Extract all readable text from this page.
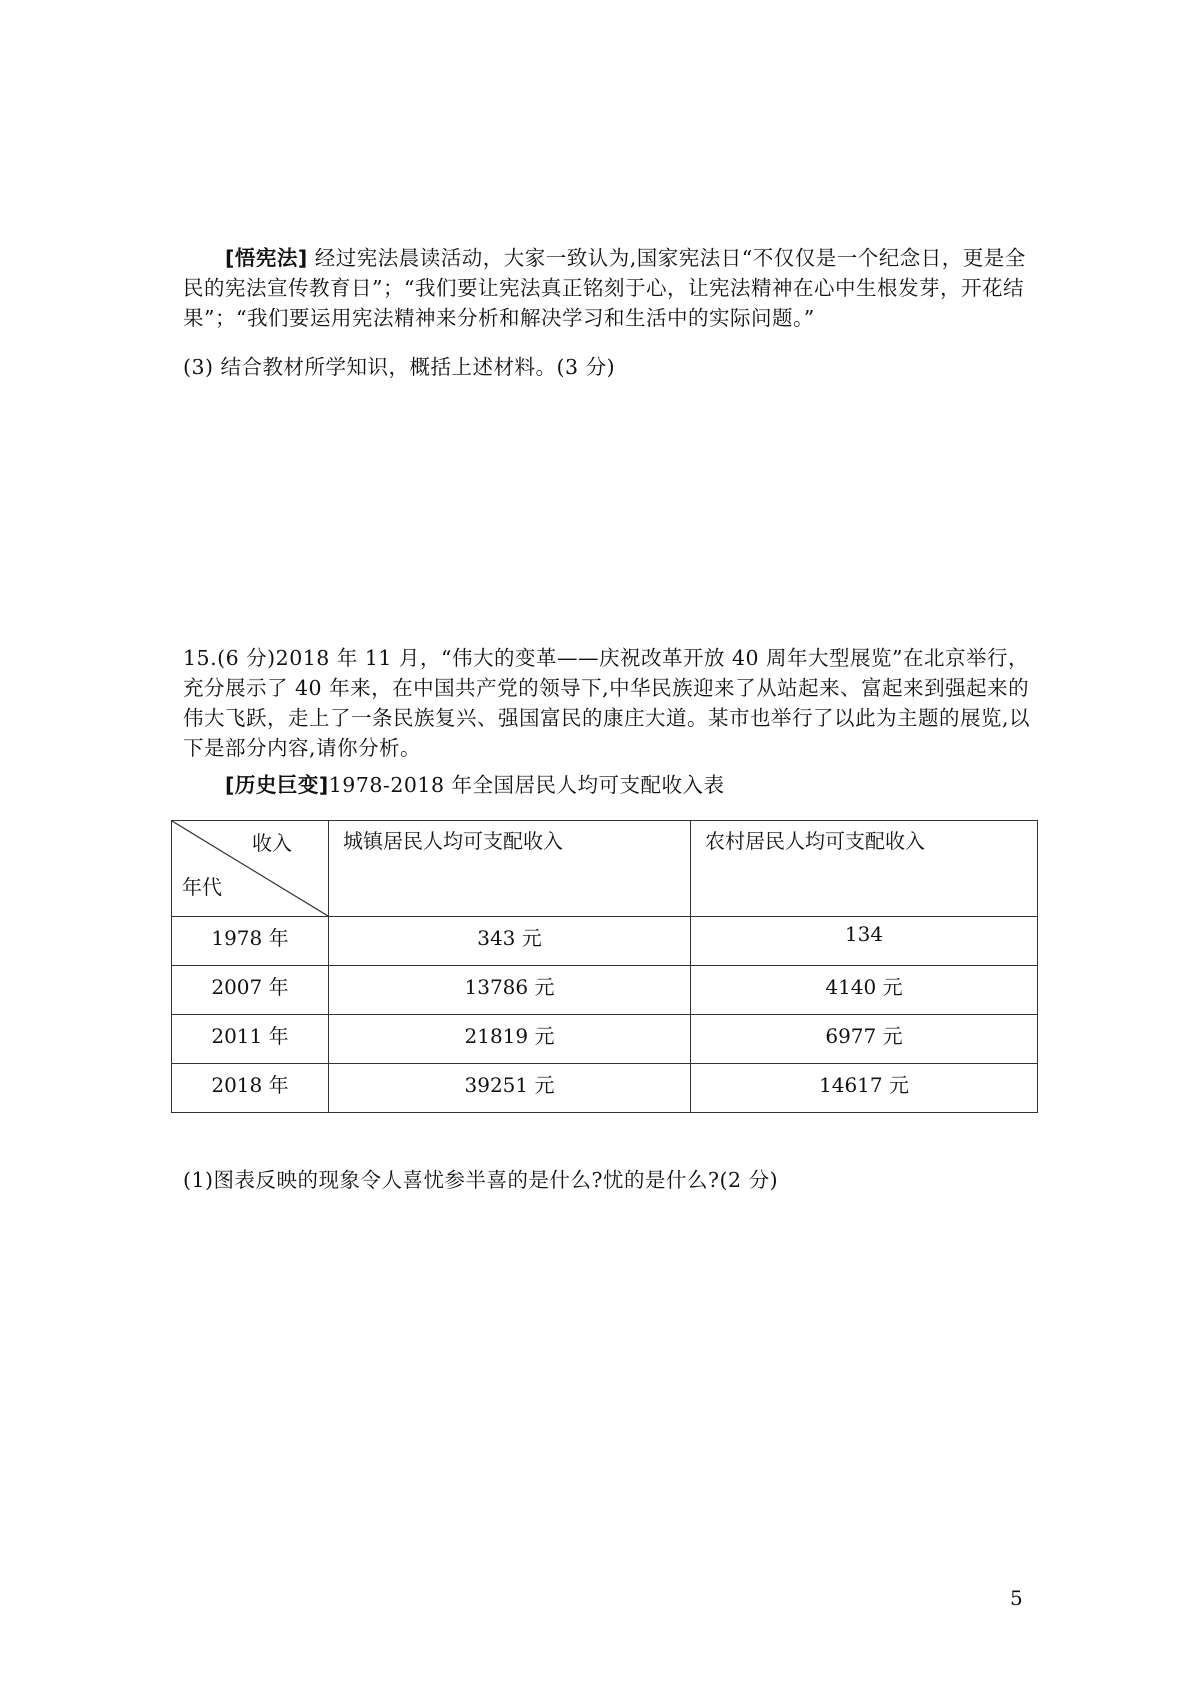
[悟宪法] 经过宪法晨读活动，大家一致认为,国家宪法日“不仅仅是一个纪念日，更是全民的宪法宣传教育日”；“我们要让宪法真正铭刻于心，让宪法精神在心中生根发芽，开花结果”；“我们要运用宪法精神来分析和解决学习和生活中的实际问题。”

(3) 结合教材所学知识，概括上述材料。(3 分)

15.(6 分)2018 年 11 月，“伟大的变革——庆祝改革开放 40 周年大型展览”在北京举行，充分展示了 40 年来，在中国共产党的领导下,中华民族迎来了从站起来、富起来到强起来的伟大飞跃，走上了一条民族复兴、强国富民的康庄大道。某市也举行了以此为主题的展览,以下是部分内容,请你分析。

[历史巨变]1978-2018 年全国居民人均可支配收入表

收入
年代	城镇居民人均可支配收入	农村居民人均可支配收入
1978 年	343 元	134
2007 年	13786 元	4140 元
2011 年	21819 元	6977 元
2018 年	39251 元	14617 元

(1)图表反映的现象令人喜忧参半喜的是什么?忧的是什么?(2 分)

5
